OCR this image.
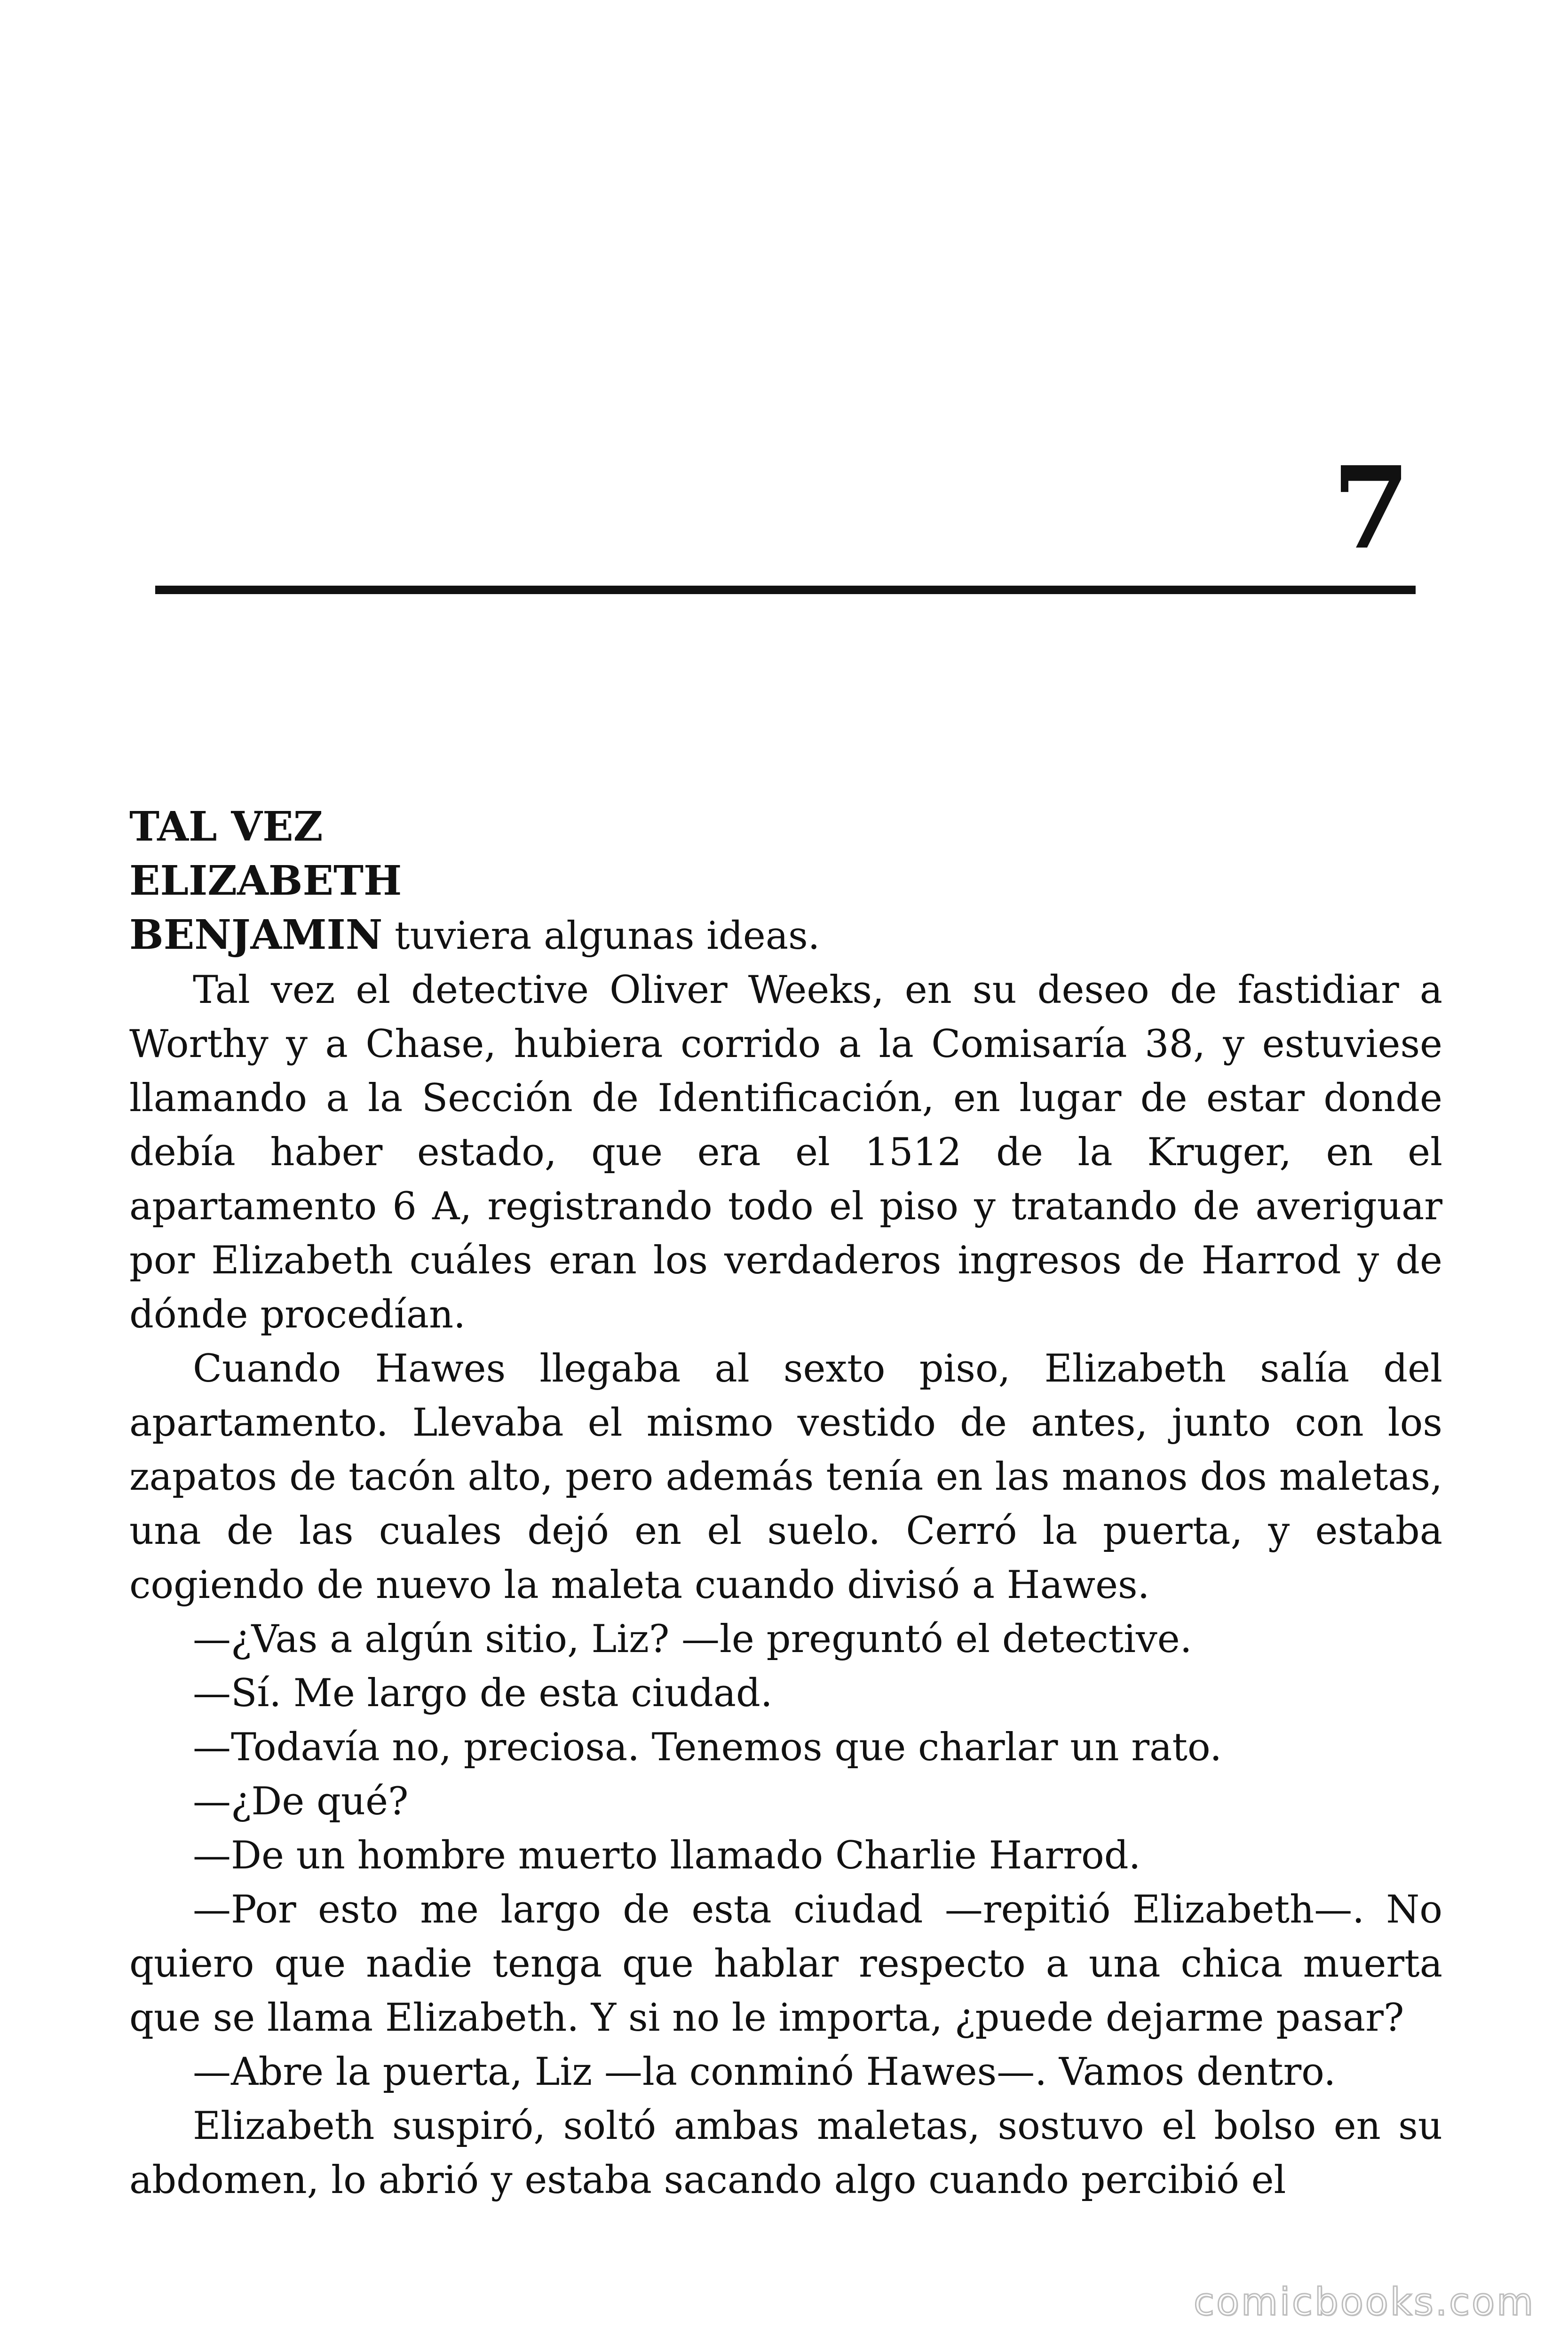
7
TAL VEZ
ELIZABETH
BENJAMIN tuviera algunas ideas.

Tal vez el detective Oliver Weeks, en su deseo de fastidiar a Worthy y a Chase, hubiera corrido a la Comisaría 38, y estuviese llamando a la Sección de Identificación, en lugar de estar donde debía haber estado, que era el 1512 de la Kruger, en el apartamento 6 A, registrando todo el piso y tratando de averiguar por Elizabeth cuáles eran los verdaderos ingresos de Harrod y de dónde procedían.

Cuando Hawes llegaba al sexto piso, Elizabeth salía del apartamento. Llevaba el mismo vestido de antes, junto con los zapatos de tacón alto, pero además tenía en las manos dos maletas, una de las cuales dejó en el suelo. Cerró la puerta, y estaba cogiendo de nuevo la maleta cuando divisó a Hawes.

—¿Vas a algún sitio, Liz? —le preguntó el detective.

—Sí. Me largo de esta ciudad.

—Todavía no, preciosa. Tenemos que charlar un rato.

—¿De qué?

—De un hombre muerto llamado Charlie Harrod.

—Por esto me largo de esta ciudad —repitió Elizabeth—. No quiero que nadie tenga que hablar respecto a una chica muerta que se llama Elizabeth. Y si no le importa, ¿puede dejarme pasar?

—Abre la puerta, Liz —la conminó Hawes—. Vamos dentro.

Elizabeth suspiró, soltó ambas maletas, sostuvo el bolso en su abdomen, lo abrió y estaba sacando algo cuando percibió el

comicbooks.com
